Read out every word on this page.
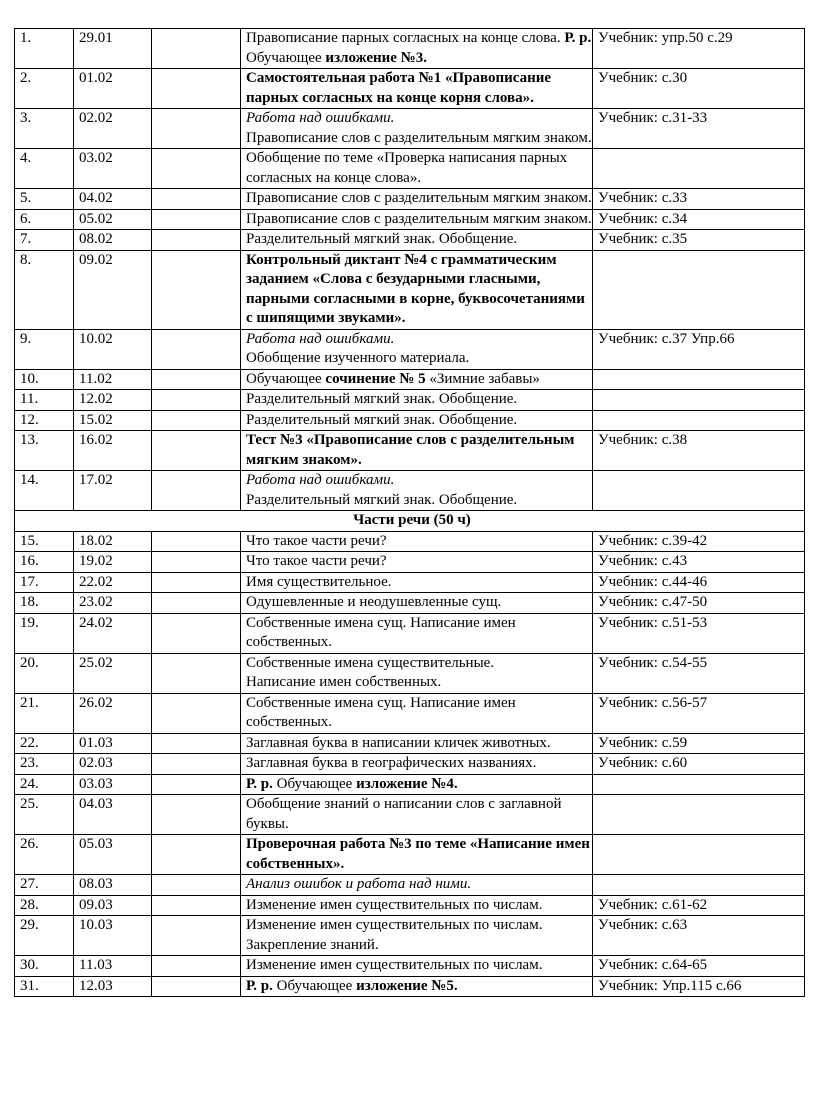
1.	29.01		Правописание парных согласных на конце слова. Р. р. Обучающее изложение №3.	Учебник: упр.50 с.29
2.	01.02		Самостоятельная работа №1 «Правописание парных согласных на конце корня слова».	Учебник: с.30
3.	02.02		Работа над ошибками.
Правописание слов с разделительным мягким знаком.	Учебник: с.31-33
4.	03.02		Обобщение по теме «Проверка написания парных согласных на конце слова».	

5.	04.02		Правописание слов с разделительным мягким знаком.	Учебник: с.33
6.	05.02		Правописание слов с разделительным мягким знаком.	Учебник: с.34
7.	08.02		Разделительный мягкий знак. Обобщение.	Учебник: с.35
8.	09.02		Контрольный диктант №4 с грамматическим заданием «Слова с безударными гласными, парными согласными в корне, буквосочетаниями с шипящими звуками».	

9.	10.02		Работа над ошибками.
Обобщение изученного материала.	Учебник: с.37 Упр.66
10.	11.02		Обучающее сочинение № 5 «Зимние забавы»	

11.	12.02		Разделительный мягкий знак. Обобщение.	

12.	15.02		Разделительный мягкий знак. Обобщение.	

13.	16.02		Тест №3 «Правописание слов с разделительным мягким знаком».	Учебник: с.38
14.	17.02		Работа над ошибками.
Разделительный мягкий знак. Обобщение.	

Части речи (50 ч)				
15.	18.02		Что такое части речи?	Учебник: с.39-42
16.	19.02		Что такое части речи?	Учебник: с.43
17.	22.02		Имя существительное.	Учебник: с.44-46
18.	23.02		Одушевленные и неодушевленные сущ.	Учебник: с.47-50
19.	24.02		Собственные имена сущ. Написание имен собственных.	Учебник: с.51-53
20.	25.02		Собственные имена существительные.
Написание имен собственных.	Учебник: с.54-55
21.	26.02		Собственные имена сущ. Написание имен собственных.	Учебник: с.56-57
22.	01.03		Заглавная буква в написании кличек животных.	Учебник: с.59
23.	02.03		Заглавная буква в географических названиях.	Учебник: с.60
24.	03.03		Р. р. Обучающее изложение №4.	

25.	04.03		Обобщение знаний о написании слов с заглавной буквы.	

26.	05.03		Проверочная работа №3 по теме «Написание имен собственных».	

27.	08.03		Анализ ошибок и работа над ними.	

28.	09.03		Изменение имен существительных по числам.	Учебник: с.61-62
29.	10.03		Изменение имен существительных по числам.
Закрепление знаний.	Учебник: с.63
30.	11.03		Изменение имен существительных по числам.	Учебник: с.64-65
31.	12.03		Р. р. Обучающее изложение №5.	Учебник: Упр.115 с.66
